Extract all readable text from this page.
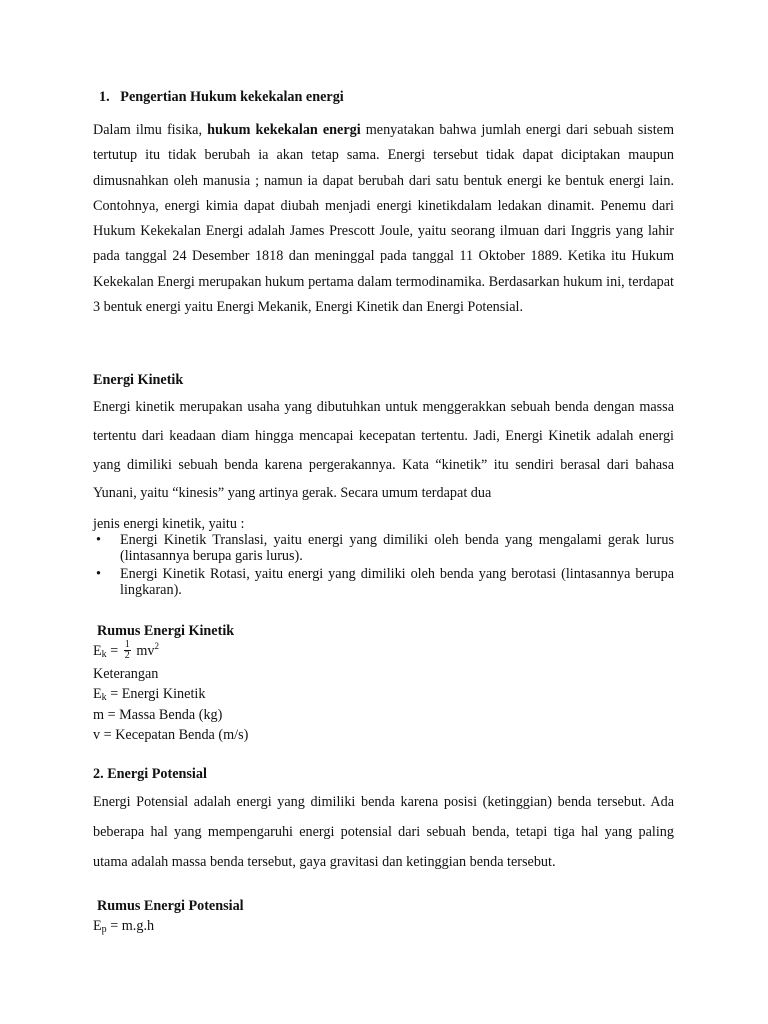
1. Pengertian Hukum kekekalan energi
Dalam ilmu fisika, hukum kekekalan energi menyatakan bahwa jumlah energi dari sebuah sistem tertutup itu tidak berubah ia akan tetap sama. Energi tersebut tidak dapat diciptakan maupun dimusnahkan oleh manusia ; namun ia dapat berubah dari satu bentuk energi ke bentuk energi lain. Contohnya, energi kimia dapat diubah menjadi energi kinetikdalam ledakan dinamit. Penemu dari Hukum Kekekalan Energi adalah James Prescott Joule, yaitu seorang ilmuan dari Inggris yang lahir pada tanggal 24 Desember 1818 dan meninggal pada tanggal 11 Oktober 1889. Ketika itu Hukum Kekekalan Energi merupakan hukum pertama dalam termodinamika. Berdasarkan hukum ini, terdapat 3 bentuk energi yaitu Energi Mekanik, Energi Kinetik dan Energi Potensial.
Energi Kinetik
Energi kinetik merupakan usaha yang dibutuhkan untuk menggerakkan sebuah benda dengan massa tertentu dari keadaan diam hingga mencapai kecepatan tertentu. Jadi, Energi Kinetik adalah energi yang dimiliki sebuah benda karena pergerakannya. Kata “kinetik” itu sendiri berasal dari bahasa Yunani, yaitu “kinesis” yang artinya gerak. Secara umum terdapat dua
jenis energi kinetik, yaitu :
• Energi Kinetik Translasi, yaitu energi yang dimiliki oleh benda yang mengalami gerak lurus (lintasannya berupa garis lurus).
• Energi Kinetik Rotasi, yaitu energi yang dimiliki oleh benda yang berotasi (lintasannya berupa lingkaran).
Rumus Energi Kinetik
$E_k = \frac{1}{2} mv^2$
Keterangan
$E_k$ = Energi Kinetik
m = Massa Benda (kg)
v = Kecepatan Benda (m/s)
2. Energi Potensial
Energi Potensial adalah energi yang dimiliki benda karena posisi (ketinggian) benda tersebut. Ada beberapa hal yang mempengaruhi energi potensial dari sebuah benda, tetapi tiga hal yang paling utama adalah massa benda tersebut, gaya gravitasi dan ketinggian benda tersebut.
Rumus Energi Potensial
$E_p = m.g.h$
